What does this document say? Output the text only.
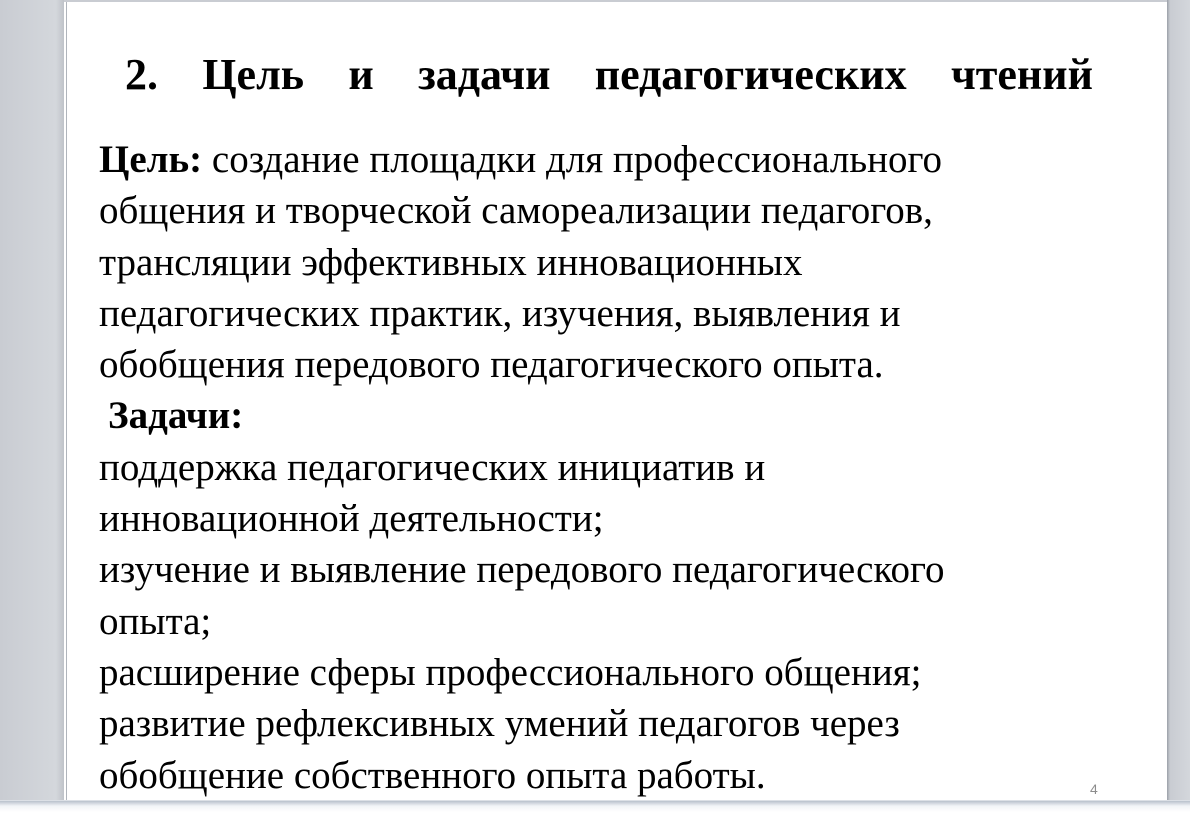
2. Цель и задачи педагогических чтений
Цель: создание площадки для профессионального
общения и творческой самореализации педагогов,
трансляции эффективных инновационных
педагогических практик, изучения, выявления и
обобщения передового педагогического опыта.
Задачи:
поддержка педагогических инициатив и
инновационной деятельности;
изучение и выявление передового педагогического
опыта;
расширение сферы профессионального общения;
развитие рефлексивных умений педагогов через
обобщение собственного опыта работы.	4
